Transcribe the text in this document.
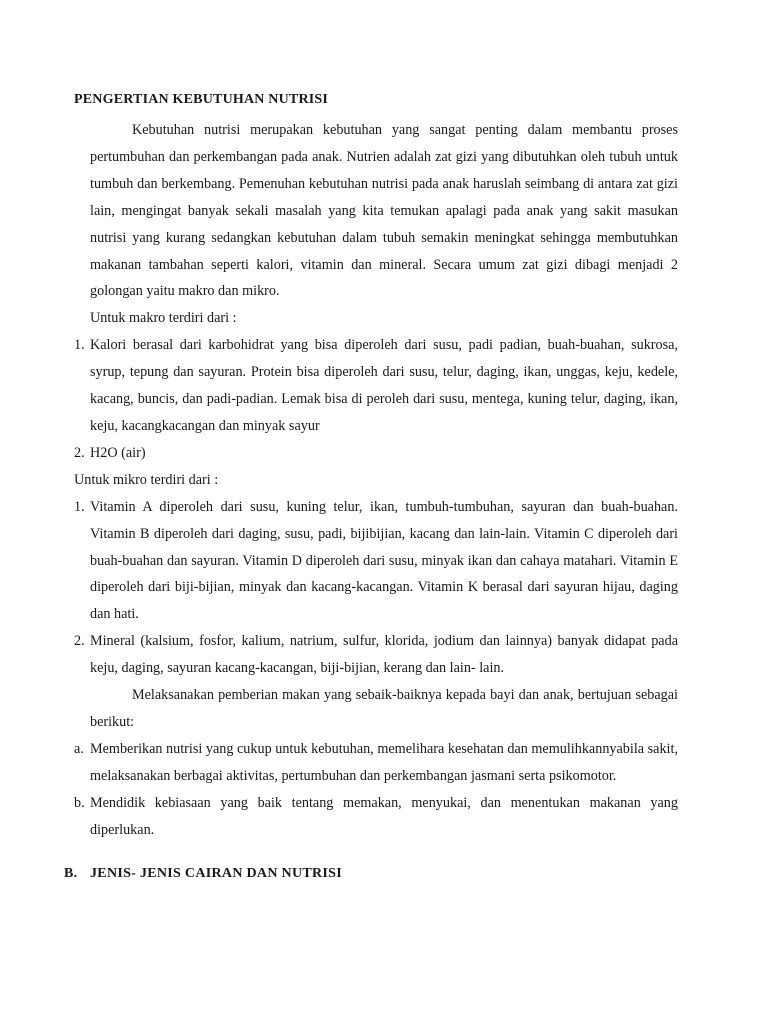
PENGERTIAN KEBUTUHAN NUTRISI

Kebutuhan nutrisi merupakan kebutuhan yang sangat penting dalam membantu proses pertumbuhan dan perkembangan pada anak. Nutrien adalah zat gizi yang dibutuhkan oleh tubuh untuk tumbuh dan berkembang. Pemenuhan kebutuhan nutrisi pada anak haruslah seimbang di antara zat gizi lain, mengingat banyak sekali masalah yang kita temukan apalagi pada anak yang sakit masukan nutrisi yang kurang sedangkan kebutuhan dalam tubuh semakin meningkat sehingga membutuhkan makanan tambahan seperti kalori, vitamin dan mineral. Secara umum zat gizi dibagi menjadi 2 golongan yaitu makro dan mikro.

Untuk makro terdiri dari :

1. Kalori berasal dari karbohidrat yang bisa diperoleh dari susu, padi padian, buah-buahan, sukrosa, syrup, tepung dan sayuran. Protein bisa diperoleh dari susu, telur, daging, ikan, unggas, keju, kedele, kacang, buncis, dan padi-padian. Lemak bisa di peroleh dari susu, mentega, kuning telur, daging, ikan, keju, kacangkacangan dan minyak sayur
2. H2O (air)

Untuk mikro terdiri dari :

1. Vitamin A diperoleh dari susu, kuning telur, ikan, tumbuh-tumbuhan, sayuran dan buah-buahan. Vitamin B diperoleh dari daging, susu, padi, bijibijian, kacang dan lain-lain. Vitamin C diperoleh dari buah-buahan dan sayuran. Vitamin D diperoleh dari susu, minyak ikan dan cahaya matahari. Vitamin E diperoleh dari biji-bijian, minyak dan kacang-kacangan. Vitamin K berasal dari sayuran hijau, daging dan hati.
2. Mineral (kalsium, fosfor, kalium, natrium, sulfur, klorida, jodium dan lainnya) banyak didapat pada keju, daging, sayuran kacang-kacangan, biji-bijian, kerang dan lain- lain.

Melaksanakan pemberian makan yang sebaik-baiknya kepada bayi dan anak, bertujuan sebagai berikut:

a. Memberikan nutrisi yang cukup untuk kebutuhan, memelihara kesehatan dan memulihkannyabila sakit, melaksanakan berbagai aktivitas, pertumbuhan dan perkembangan jasmani serta psikomotor.
b. Mendidik kebiasaan yang baik tentang memakan, menyukai, dan menentukan makanan yang diperlukan.
B. JENIS- JENIS CAIRAN DAN NUTRISI
